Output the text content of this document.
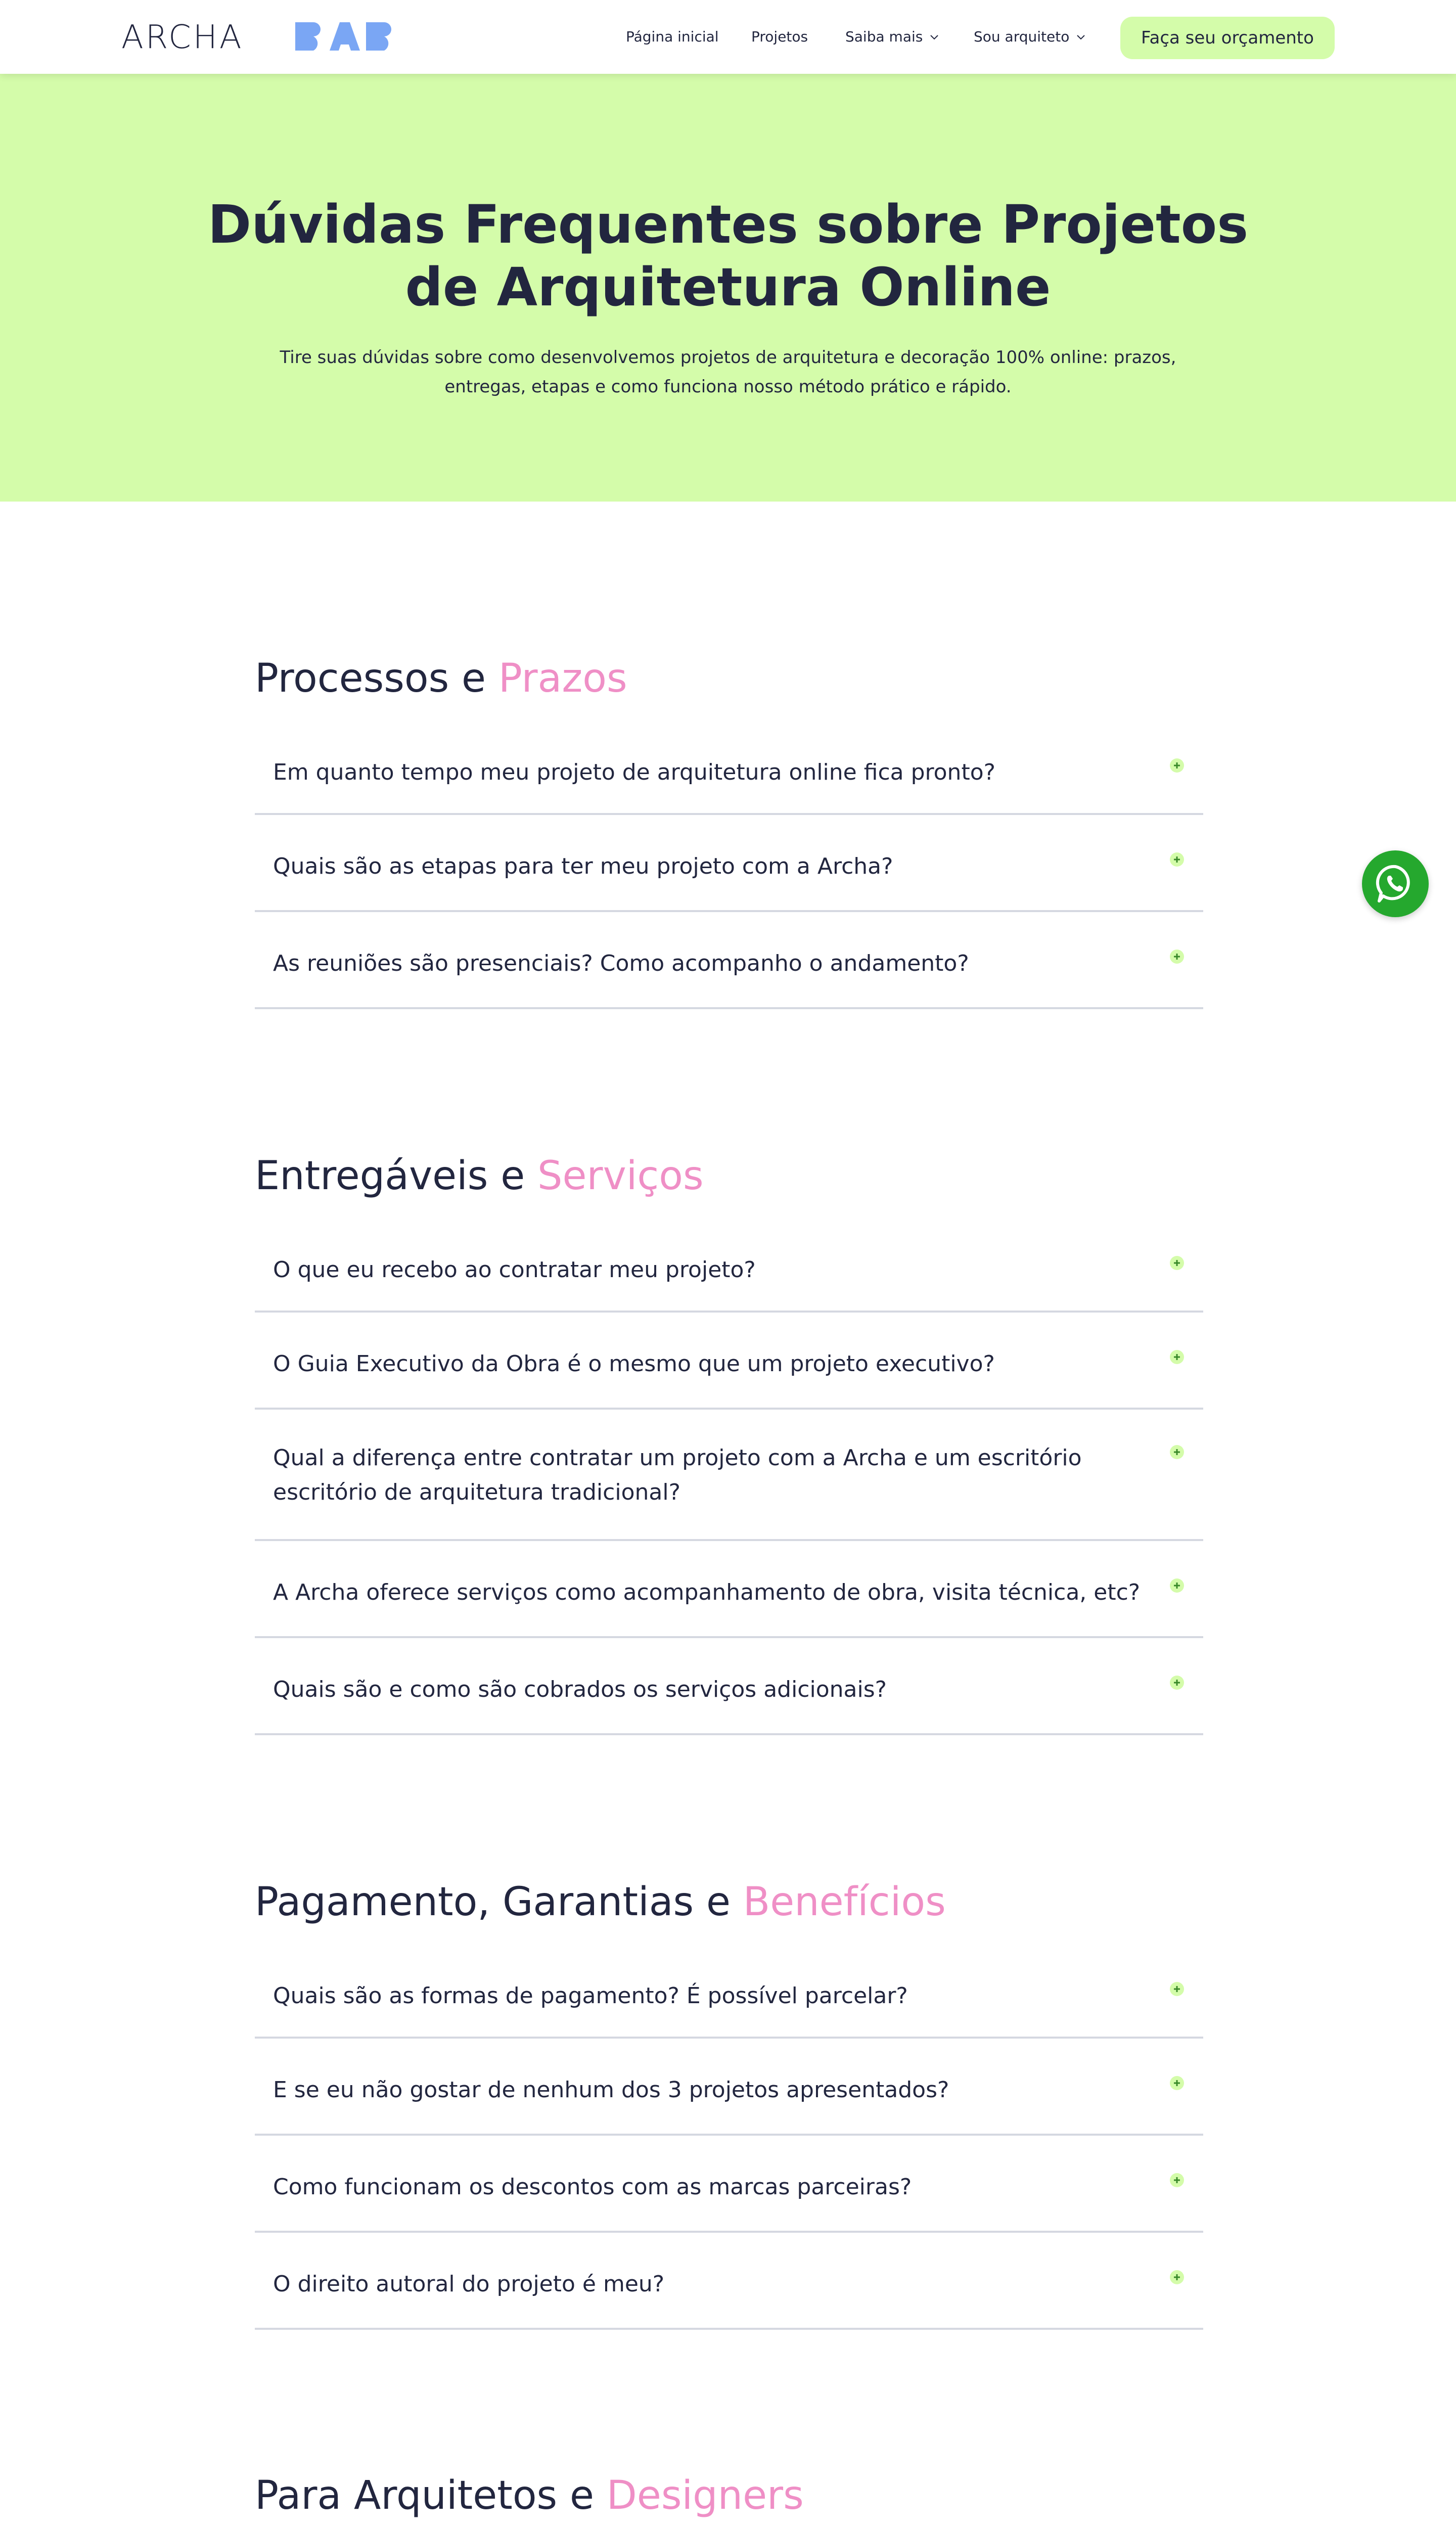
ARCHA	Página inicial Projetos	Saiba mais	Sou arquiteto	Faça seu orçamento
Dúvidas Frequentes sobre Projetos de Arquitetura Online

Tire suas dúvidas sobre como desenvolvemos projetos de arquitetura e decoração 100% online: prazos, entregas, etapas e como funciona nosso método prático e rápido.

Processos e Prazos
Em quanto tempo meu projeto de arquitetura online fica pronto?
Quais são as etapas para ter meu projeto com a Archa?
As reuniões são presenciais? Como acompanho o andamento?
Entregáveis e Serviços
O que eu recebo ao contratar meu projeto?
O Guia Executivo da Obra é o mesmo que um projeto executivo?
Qual a diferença entre contratar um projeto com a Archa e um escritório escritório de arquitetura tradicional?
A Archa oferece serviços como acompanhamento de obra, visita técnica, etc?
Quais são e como são cobrados os serviços adicionais?
Pagamento, Garantias e Benefícios
Quais são as formas de pagamento? É possível parcelar?
E se eu não gostar de nenhum dos 3 projetos apresentados?
Como funcionam os descontos com as marcas parceiras?
O direito autoral do projeto é meu?
Para Arquitetos e Designers
